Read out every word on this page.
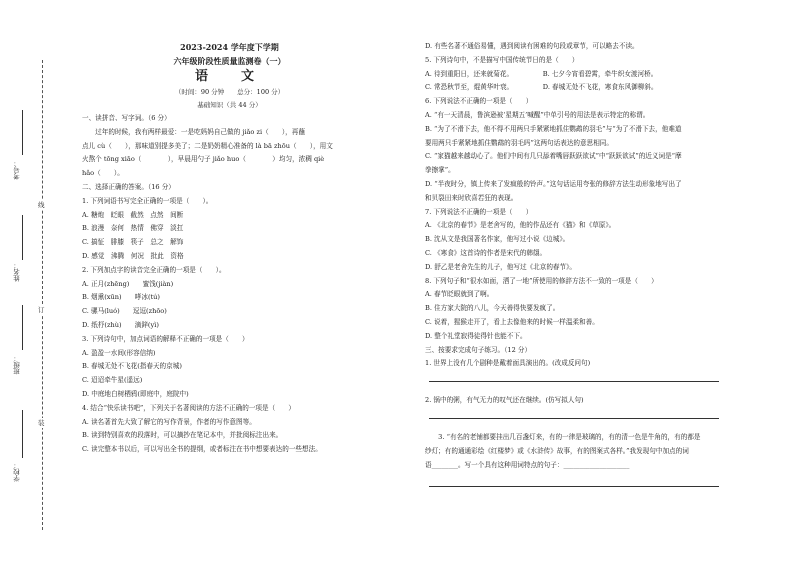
考号：
姓名：
班级：
学校：
线
订
装

2023-2024 学年度下学期

六年级阶段性质量监测卷（一）

语　文

（时间：90 分钟　　总分：100 分）

基础知识（共 44 分）

一、读拼音、写字词。（6 分）

　　过年的时候，我有两样最爱：一是吃妈妈自己做的 jiǎo zi（　　），再蘸

点儿 cù（　　），那味道别提多美了；二是奶奶精心准备的 là bā zhōu（　　），用文

火熬个 tōng xiāo（　　　　），早晨用勺子 jiǎo huo（　　　　）均匀，浓稠 qiè

hǎo（　　）。

二、选择正确的答案。（16 分）

1. 下列词语书写完全正确的一项是（　　）。

A. 糖炮　眨眼　截然　点然　间断

B. 浪漫　奈何　热情　佛穿　淡扛

C. 搞怔　腓膝　筷子　总之　解饰

D. 感觉　沸腾　何况　批此　资格

2. 下列加点字的读音完全正确的一项是（　　）。

A. 正月(zhēng)　　蜜饯(jiàn)

B. 烟熏(xūn)　　哮冰(tú)

C. 骡马(luó)　　逗逗(zhōo)

D. 纸杼(zhù)　　滴鋅(yì)

3. 下列诗句中，加点词语的解释不正确的一项是（　　）

A. 盈盈一水间(形容信纳)

B. 春城无处不飞花(指春天的京城)

C. 迢迢牵牛星(遥远)

D. 中庭地白树栖鸦(即庭中，庭院中)

4. 结合“快乐读书吧”，下列关于名著阅读的方法不正确的一项是（　　）

A. 读名著首先大致了解它的写作背景，作者的写作意图等。

B. 读到特别喜欢的段落时，可以摘抄在笔记本中，并批阅标注出来。

C. 读完整本书以后，可以写出全书的提纲，或者标注在书中想要表达的一些想法。

D. 有些名著不通俗易懂，遇到阅读有困难的句段或章节，可以略去不读。

5. 下列诗句中，不是描写中国传统节日的是（　　）

A. 待到重阳日，还来就菊花。　　　　　B. 七夕今宵看碧霄，牵牛织女渡河桥。

C. 常恐秋节至，焜黄华叶衰。　　　　　D. 春城无处不飞花，寒食东风御柳斜。

6. 下列说法不正确的一项是（　　）

A. “有一天清晨，鲁滨逊被‘星期五’喊醒”中单引号的用法是表示特定的称谓。

B. “为了不滑下去，他不得不用两只手紧紧地抓住鹦鹉的羽毛”与“为了不滑下去，他难道

要用两只手紧紧地抓住鹦鹉的羽毛吗”这两句话表达的意思相同。

C. “家猫越来越动心了。他们中间有几只舔着嘴唇跃跃欲试”中“跃跃欲试”的近义词是“摩

拳擦掌”。

D. “半夜时分，镇上传来了发疯般的铃声。”这句话运用夸张的修辞方法生动形象地写出了

和贝裂田来时欣喜若狂的表现。

7. 下列说法不正确的一项是（　　）

A. 《北京的春节》是老舍写的，他的作品还有《猫》和《草原》。

B. 沈从文是我国著名作家，他写过小说《边城》。

C. 《寒食》这首诗的作者是宋代的韩翃。

D. 舒乙是老舍先生的儿子，他写过《北京的春节》。

8. 下列句子和“很水如面，洒了一地”所使用的修辞方法不一致的一项是（　　）

A. 春节眨眼就到了啊。

B. 住方家大院的八儿，今天善得快要发疯了。

C. 说着，猩猴走开了，看上去像他来的时候一样温柔和善。

D. 整个礼堂寂得徒得针也能不下。

三、按要求完成句子练习。（12 分）

1. 世界上没有几个剧种是戴着面具演出的。(改成反问句)

2. 锅中的粥，有气无力的叹气还在继续。(仿写拟人句)

　　3. “有名的老铺都要挂出几百盏灯来，有的一律是玻璃的，有的清一色是牛角的，有的都是

纱灯；有的通通彩绘《红楼梦》或《水浒传》故事，有的图案式各样。”我发现句中加点的词

语________。写一个具有这种用词特点的句子：____________________
